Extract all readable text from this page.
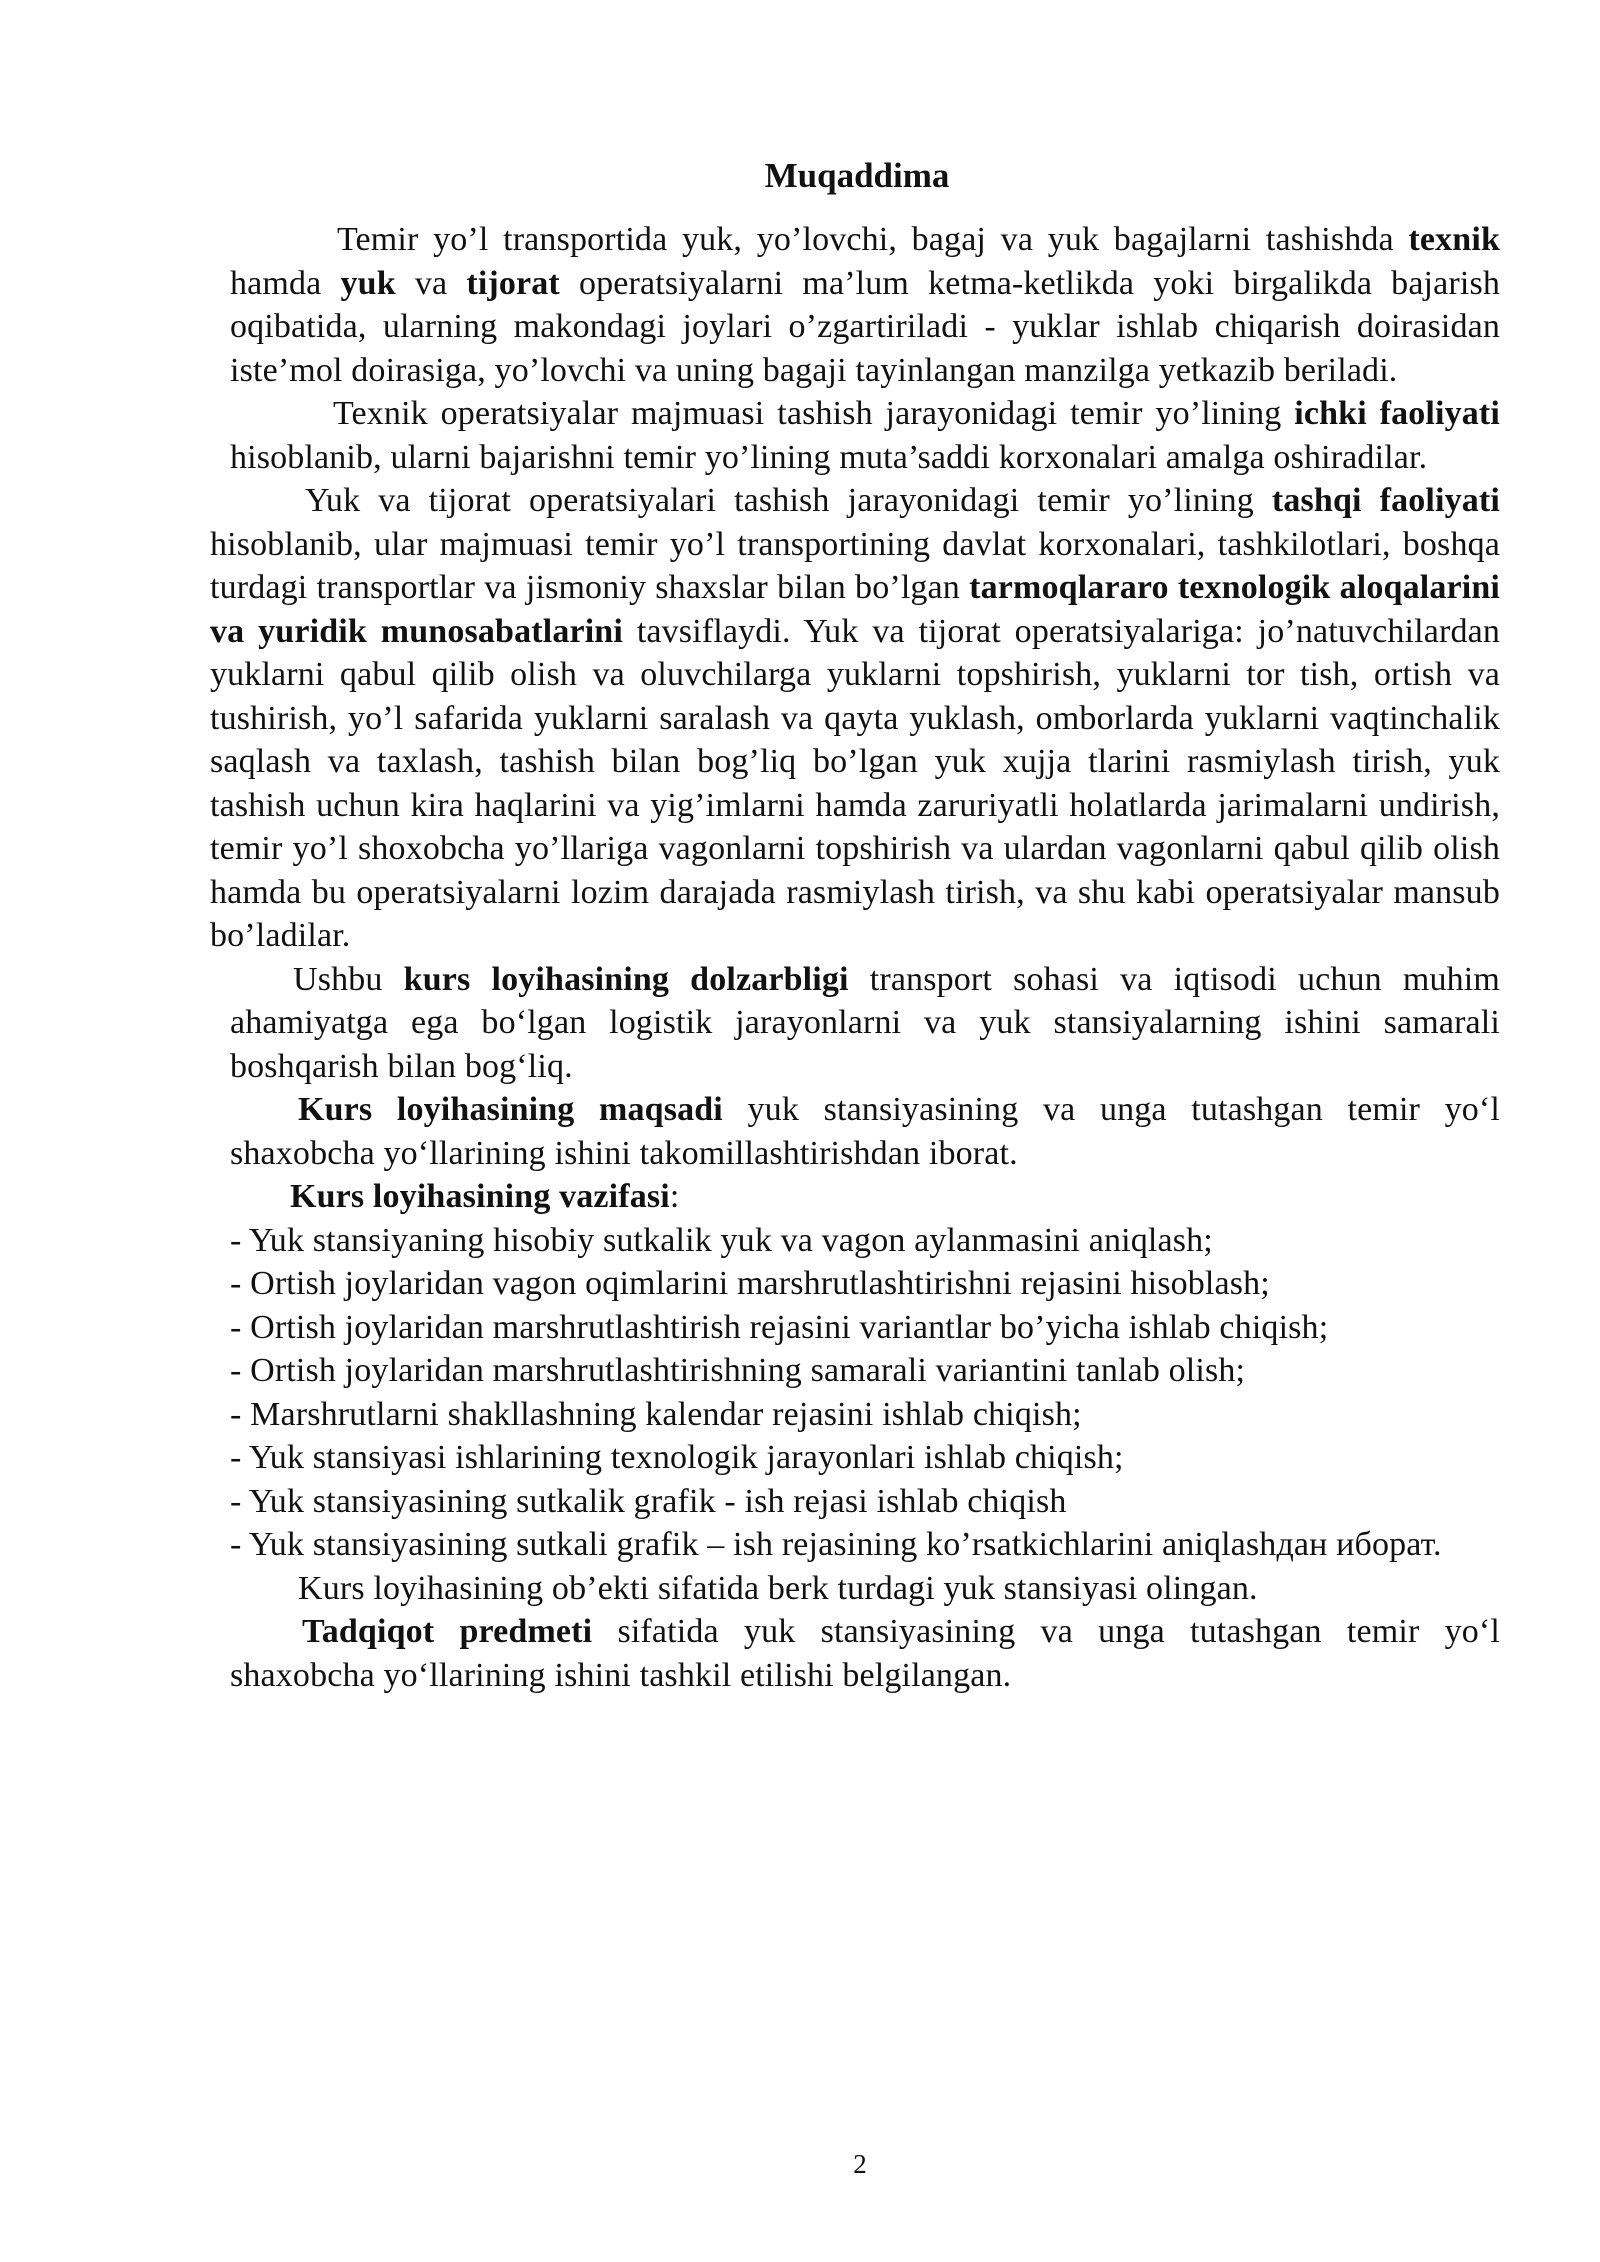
Muqaddima

Temir yo’l transportida yuk, yo’lovchi, bagaj va yuk bagajlarni tashishda texnik hamda yuk va tijorat operatsiyalarni ma’lum ketma-ketlikda yoki birgalikda bajarish oqibatida, ularning makondagi joylari o’zgartiriladi - yuklar ishlab chiqarish doirasidan iste’mol doirasiga, yo’lovchi va uning bagaji tayinlangan manzilga yetkazib beriladi.

Texnik operatsiyalar majmuasi tashish jarayonidagi temir yo’lining ichki faoliyati hisoblanib, ularni bajarishni temir yo’lining muta’saddi korxonalari amalga oshiradilar.

Yuk va tijorat operatsiyalari tashish jarayonidagi temir yo’lining tashqi faoliyati hisoblanib, ular majmuasi temir yo’l transportining davlat korxonalari, tashkilotlari, boshqa turdagi transportlar va jismoniy shaxslar bilan bo’lgan tarmoqlararo texnologik aloqalarini va yuridik munosabatlarini tavsiflaydi. Yuk va tijorat operatsiyalariga: jo’natuvchilardan yuklarni qabul qilib olish va oluvchilarga yuklarni topshirish, yuklarni tor tish, ortish va tushirish, yo’l safarida yuklarni saralash va qayta yuklash, omborlarda yuklarni vaqtinchalik saqlash va taxlash, tashish bilan bog’liq bo’lgan yuk xujja tlarini rasmiylash tirish, yuk tashish uchun kira haqlarini va yig’imlarni hamda zaruriyatli holatlarda jarimalarni undirish, temir yo’l shoxobcha yo’llariga vagonlarni topshirish va ulardan vagonlarni qabul qilib olish hamda bu operatsiyalarni lozim darajada rasmiylash tirish, va shu kabi operatsiyalar mansub bo’ladilar.

Ushbu kurs loyihasining dolzarbligi transport sohasi va iqtisodi uchun muhim ahamiyatga ega bo‘lgan logistik jarayonlarni va yuk stansiyalarning ishini samarali boshqarish bilan bog‘liq.

Kurs loyihasining maqsadi yuk stansiyasining va unga tutashgan temir yo‘l shaxobcha yo‘llarining ishini takomillashtirishdan iborat.

Kurs loyihasining vazifasi:

- Yuk stansiyaning hisobiy sutkalik yuk va vagon aylanmasini aniqlash;

- Ortish joylaridan vagon oqimlarini marshrutlashtirishni rejasini hisoblash;

- Ortish joylaridan marshrutlashtirish rejasini variantlar bo’yicha ishlab chiqish;

- Ortish joylaridan marshrutlashtirishning samarali variantini tanlab olish;

- Marshrutlarni shakllashning kalendar rejasini ishlab chiqish;

- Yuk stansiyasi ishlarining texnologik jarayonlari ishlab chiqish;

- Yuk stansiyasining sutkalik grafik - ish rejasi ishlab chiqish

- Yuk stansiyasining sutkali grafik – ish rejasining ko’rsatkichlarini aniqlashдан иборат.

Kurs loyihasining ob’ekti sifatida berk turdagi yuk stansiyasi olingan.

Tadqiqot predmeti sifatida yuk stansiyasining va unga tutashgan temir yo‘l shaxobcha yo‘llarining ishini tashkil etilishi belgilangan.

2
